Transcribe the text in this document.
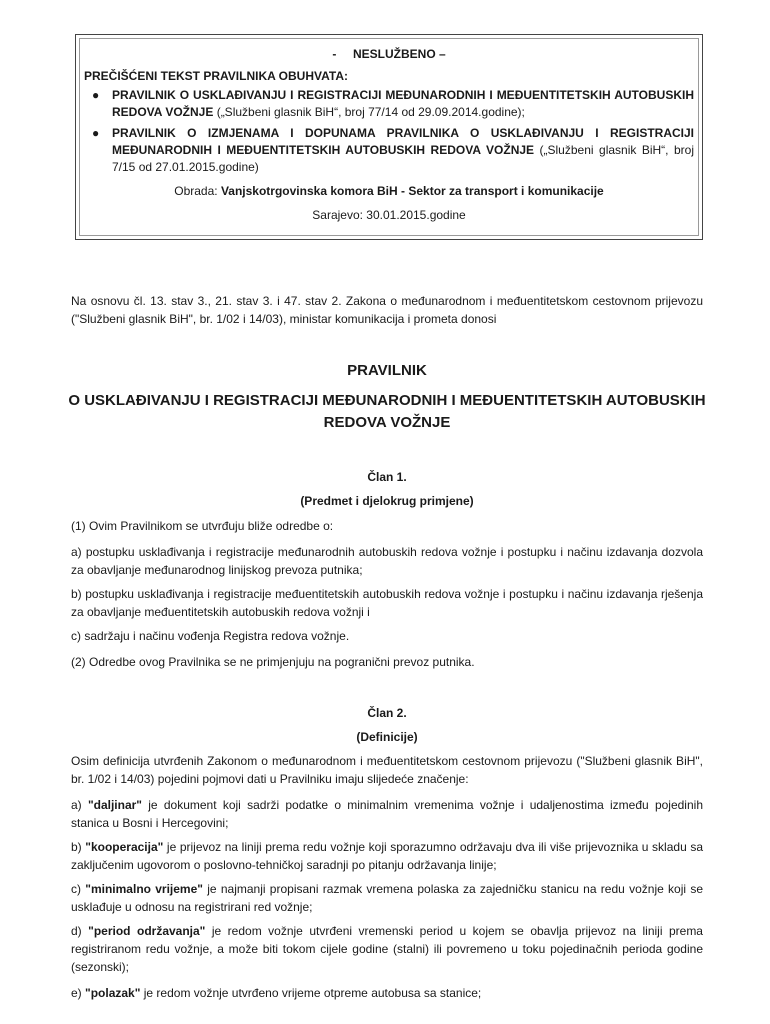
- NESLUŽBENO –
PREČIŠĆENI TEKST PRAVILNIKA OBUHVATA:
● PRAVILNIK O USKLAĐIVANJU I REGISTRACIJI MEĐUNARODNIH I MEĐUENTITETSKIH AUTOBUSKIH REDOVA VOŽNJE („Službeni glasnik BiH“, broj 77/14 od 29.09.2014.godine);
● PRAVILNIK O IZMJENAMA I DOPUNAMA PRAVILNIKA O USKLAĐIVANJU I REGISTRACIJI MEĐUNARODNIH I MEĐUENTITETSKIH AUTOBUSKIH REDOVA VOŽNJE („Službeni glasnik BiH“, broj 7/15 od 27.01.2015.godine)
Obrada: Vanjskotrgovinska komora BiH - Sektor za transport i komunikacije
Sarajevo: 30.01.2015.godine
Na osnovu čl. 13. stav 3., 21. stav 3. i 47. stav 2. Zakona o međunarodnom i međuentitetskom cestovnom prijevozu ("Službeni glasnik BiH", br. 1/02 i 14/03), ministar komunikacija i prometa donosi
PRAVILNIK
O USKLAĐIVANJU I REGISTRACIJI MEĐUNARODNIH I MEĐUENTITETSKIH AUTOBUSKIH REDOVA VOŽNJE
Član 1.
(Predmet i djelokrug primjene)
(1) Ovim Pravilnikom se utvrđuju bliže odredbe o:
a) postupku usklađivanja i registracije međunarodnih autobuskih redova vožnje i postupku i načinu izdavanja dozvola za obavljanje međunarodnog linijskog prevoza putnika;
b) postupku usklađivanja i registracije međuentitetskih autobuskih redova vožnje i postupku i načinu izdavanja rješenja za obavljanje međuentitetskih autobuskih redova vožnji i
c) sadržaju i načinu vođenja Registra redova vožnje.
(2) Odredbe ovog Pravilnika se ne primjenjuju na pogranični prevoz putnika.
Član 2.
(Definicije)
Osim definicija utvrđenih Zakonom o međunarodnom i međuentitetskom cestovnom prijevozu ("Službeni glasnik BiH", br. 1/02 i 14/03) pojedini pojmovi dati u Pravilniku imaju slijedeće značenje:
a) "daljinar" je dokument koji sadrži podatke o minimalnim vremenima vožnje i udaljenostima između pojedinih stanica u Bosni i Hercegovini;
b) "kooperacija" je prijevoz na liniji prema redu vožnje koji sporazumno održavaju dva ili više prijevoznika u skladu sa zaključenim ugovorom o poslovno-tehničkoj saradnji po pitanju održavanja linije;
c) "minimalno vrijeme" je najmanji propisani razmak vremena polaska za zajedničku stanicu na redu vožnje koji se usklađuje u odnosu na registrirani red vožnje;
d) "period održavanja" je redom vožnje utvrđeni vremenski period u kojem se obavlja prijevoz na liniji prema registriranom redu vožnje, a može biti tokom cijele godine (stalni) ili povremeno u toku pojedinačnih perioda godine (sezonski);
e) "polazak" je redom vožnje utvrđeno vrijeme otpreme autobusa sa stanice;
